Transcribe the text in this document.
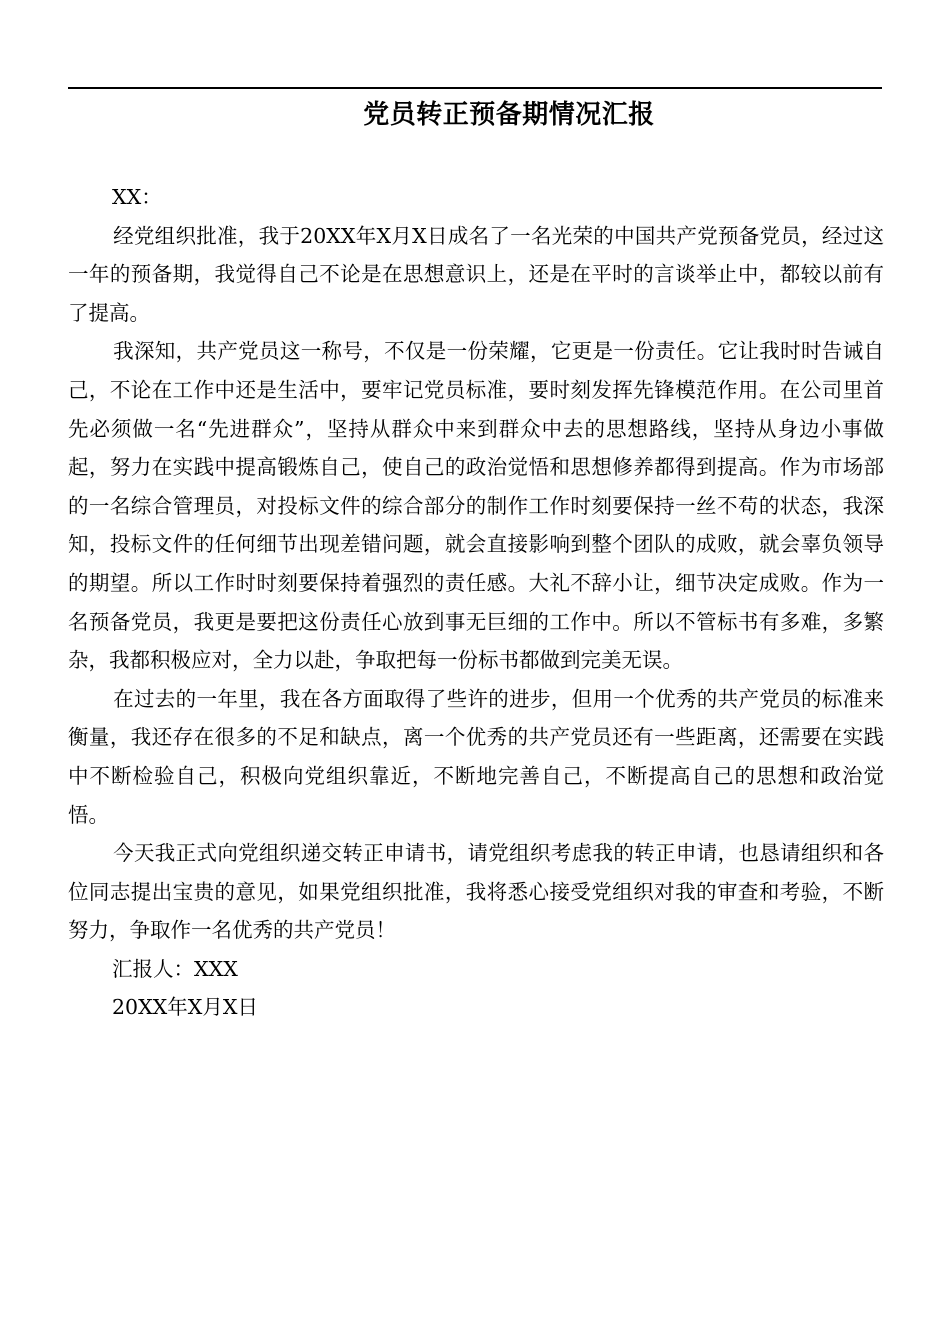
党员转正预备期情况汇报

XX：

经党组织批准，我于20XX年X月X日成名了一名光荣的中国共产党预备党员，经过这一年的预备期，我觉得自己不论是在思想意识上，还是在平时的言谈举止中，都较以前有了提高。

我深知，共产党员这一称号，不仅是一份荣耀，它更是一份责任。它让我时时告诫自己，不论在工作中还是生活中，要牢记党员标准，要时刻发挥先锋模范作用。在公司里首先必须做一名“先进群众”，坚持从群众中来到群众中去的思想路线，坚持从身边小事做起，努力在实践中提高锻炼自己，使自己的政治觉悟和思想修养都得到提高。作为市场部的一名综合管理员，对投标文件的综合部分的制作工作时刻要保持一丝不苟的状态，我深知，投标文件的任何细节出现差错问题，就会直接影响到整个团队的成败，就会辜负领导的期望。所以工作时时刻要保持着强烈的责任感。大礼不辞小让，细节决定成败。作为一名预备党员，我更是要把这份责任心放到事无巨细的工作中。所以不管标书有多难，多繁杂，我都积极应对，全力以赴，争取把每一份标书都做到完美无误。

在过去的一年里，我在各方面取得了些许的进步，但用一个优秀的共产党员的标准来衡量，我还存在很多的不足和缺点，离一个优秀的共产党员还有一些距离，还需要在实践中不断检验自己，积极向党组织靠近，不断地完善自己，不断提高自己的思想和政治觉悟。

今天我正式向党组织递交转正申请书，请党组织考虑我的转正申请，也恳请组织和各位同志提出宝贵的意见，如果党组织批准，我将悉心接受党组织对我的审查和考验，不断努力，争取作一名优秀的共产党员！

汇报人：XXX

20XX年X月X日
